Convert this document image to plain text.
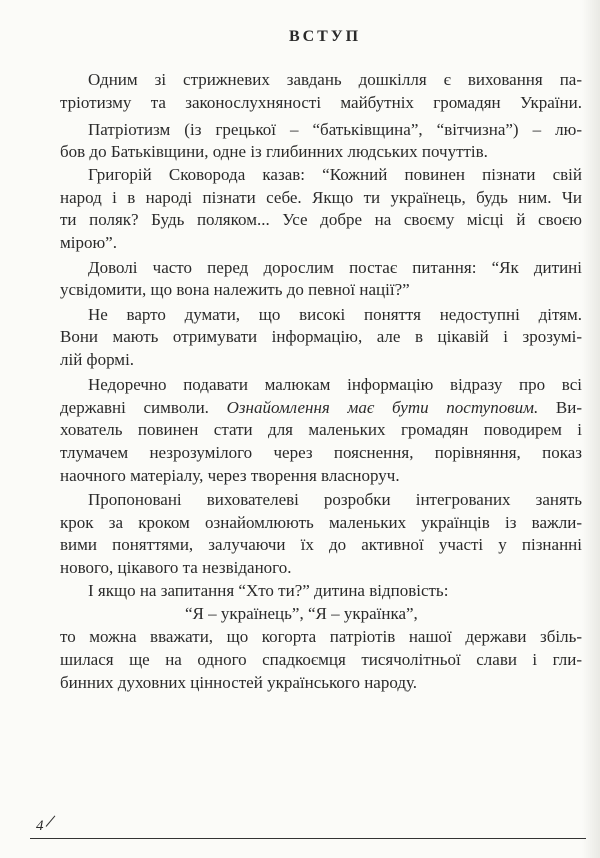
ВСТУП
Одним зі стрижневих завдань дошкілля є виховання па-
тріотизму та законослухняності майбутніх громадян України.
Патріотизм (із грецької – “батьківщина”, “вітчизна”) – лю-
бов до Батьківщини, одне із глибинних людських почуттів.
Григорій Сковорода казав: “Кожний повинен пізнати свій
народ і в народі пізнати себе. Якщо ти українець, будь ним. Чи
ти поляк? Будь поляком... Усе добре на своєму місці й своєю
мірою”.
Доволі часто перед дорослим постає питання: “Як дитині
усвідомити, що вона належить до певної нації?”
Не варто думати, що високі поняття недоступні дітям.
Вони мають отримувати інформацію, але в цікавій і зрозумі-
лій формі.
Недоречно подавати малюкам інформацію відразу про всі
державні символи. Ознайомлення має бути поступовим. Ви-
хователь повинен стати для маленьких громадян поводирем і
тлумачем незрозумілого через пояснення, порівняння, показ
наочного матеріалу, через творення власноруч.
Пропоновані вихователеві розробки інтегрованих занять
крок за кроком ознайомлюють маленьких українців із важли-
вими поняттями, залучаючи їх до активної участі у пізнанні
нового, цікавого та незвіданого.
І якщо на запитання “Хто ти?” дитина відповість:
“Я – українець”, “Я – українка”,
то можна вважати, що когорта патріотів нашої держави збіль-
шилася ще на одного спадкоємця тисячолітньої слави і гли-
бинних духовних цінностей українського народу.
4
